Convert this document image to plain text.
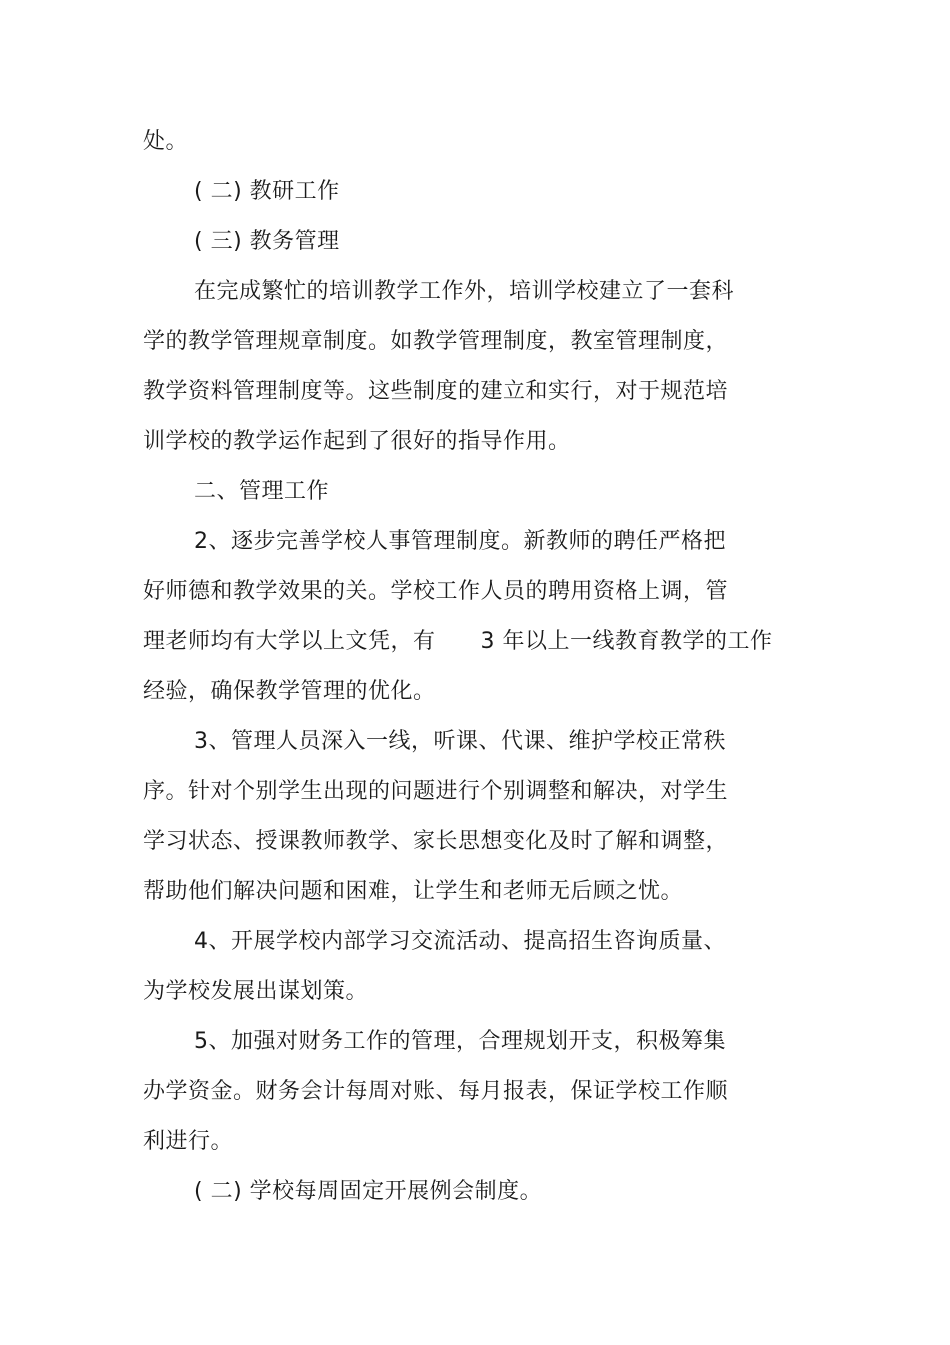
处。
( 二) 教研工作
( 三) 教务管理
在完成繁忙的培训教学工作外，培训学校建立了一套科
学的教学管理规章制度。如教学管理制度，教室管理制度，
教学资料管理制度等。这些制度的建立和实行，对于规范培
训学校的教学运作起到了很好的指导作用。
二、管理工作
2、逐步完善学校人事管理制度。新教师的聘任严格把
好师德和教学效果的关。学校工作人员的聘用资格上调，管
理老师均有大学以上文凭，有      3 年以上一线教育教学的工作
经验，确保教学管理的优化。
3、管理人员深入一线，听课、代课、维护学校正常秩
序。针对个别学生出现的问题进行个别调整和解决，对学生
学习状态、授课教师教学、家长思想变化及时了解和调整，
帮助他们解决问题和困难，让学生和老师无后顾之忧。
4、开展学校内部学习交流活动、提高招生咨询质量、
为学校发展出谋划策。
5、加强对财务工作的管理，合理规划开支，积极筹集
办学资金。财务会计每周对账、每月报表，保证学校工作顺
利进行。
( 二) 学校每周固定开展例会制度。
